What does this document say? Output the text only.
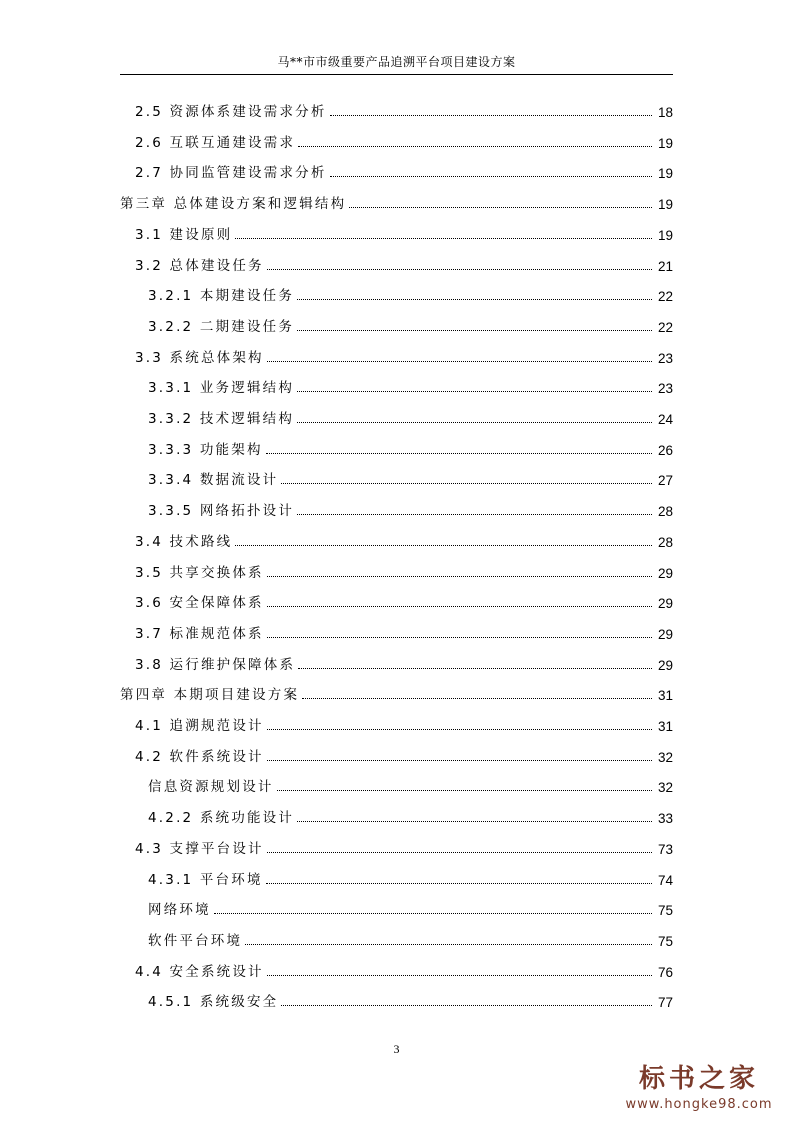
马**市市级重要产品追溯平台项目建设方案
2.5 资源体系建设需求分析	18
2.6 互联互通建设需求	19
2.7 协同监管建设需求分析	19
第三章 总体建设方案和逻辑结构	19
3.1 建设原则	19
3.2 总体建设任务	21
3.2.1 本期建设任务	22
3.2.2 二期建设任务	22
3.3 系统总体架构	23
3.3.1 业务逻辑结构	23
3.3.2 技术逻辑结构	24
3.3.3 功能架构	26
3.3.4 数据流设计	27
3.3.5 网络拓扑设计	28
3.4 技术路线	28
3.5 共享交换体系	29
3.6 安全保障体系	29
3.7 标准规范体系	29
3.8 运行维护保障体系	29
第四章 本期项目建设方案	31
4.1 追溯规范设计	31
4.2 软件系统设计	32
信息资源规划设计	32
4.2.2 系统功能设计	33
4.3 支撑平台设计	73
4.3.1 平台环境	74
网络环境	75
软件平台环境	75
4.4 安全系统设计	76
4.5.1 系统级安全	77
3
标书之家
www.hongke98.com
